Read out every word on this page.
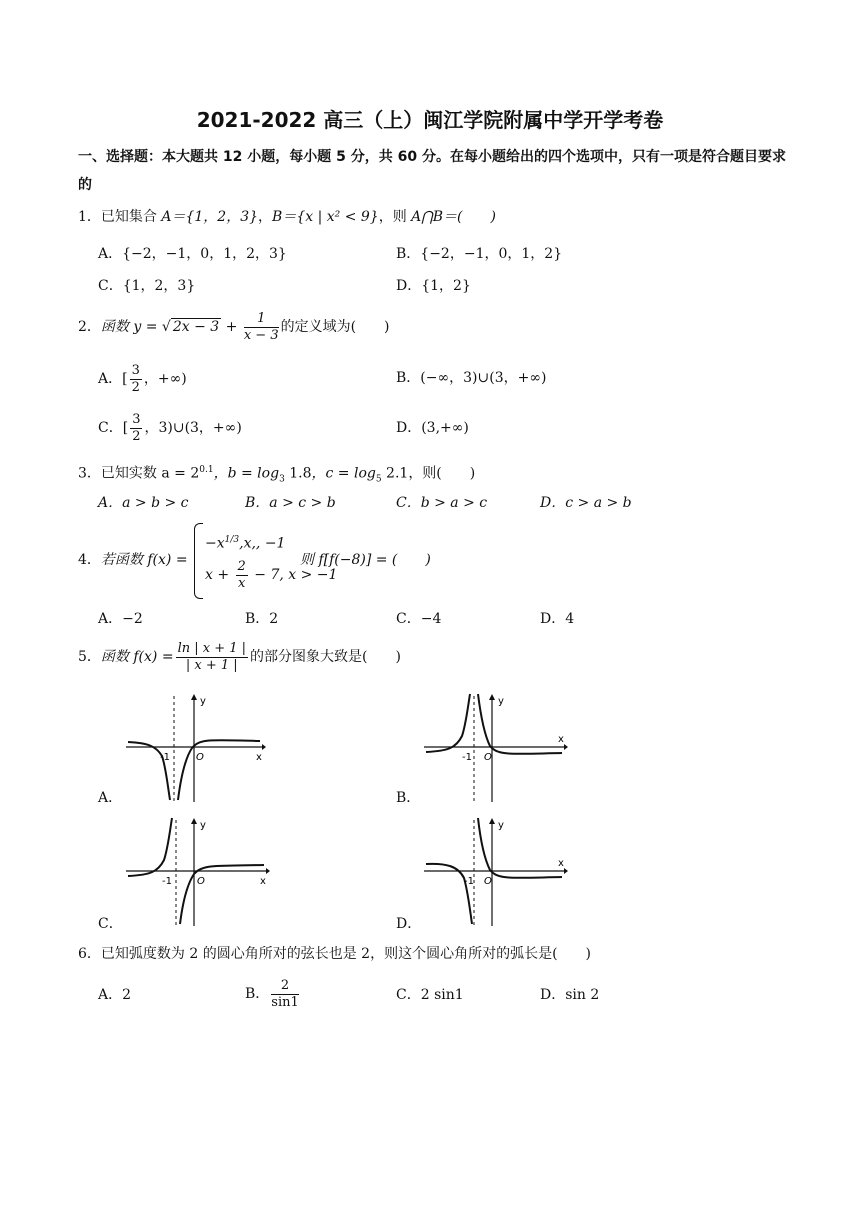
2021-2022 高三（上）闽江学院附属中学开学考卷
一、选择题：本大题共 12 小题，每小题 5 分，共 60 分。在每小题给出的四个选项中，只有一项是符合题目要求的
1．已知集合 A＝{1，2，3}，B＝{x | x² < 9}，则 A⋂B＝(　　)
A．{−2，−1，0，1，2，3}	B．{−2，−1，0，1，2}
C．{1，2，3}	D．{1，2}
2．函数 y = √ $2x - 3 + \frac{1}{x - 3}$ 的定义域为(　　)
A．[ $\frac{3}{2}$ ，+∞)	B．(−∞，3)∪(3，+∞)
C．[ $\frac{3}{2}$ ，3)∪(3，+∞)	D．(3,+∞)
3．已知实数 $a = 2^{0.1}$，$b = \log_3 1.8$，$c = \log_5 2.1$，则(　　)
A．a > b > c	B．a > c > b	C．b > a > c	D．c > a > b
4．若函数 f(x) =
$-x^{1/3},x$,, −1
$x + \frac{2}{x} - 7$, x > −1
则 f[f(−8)] = (　　)
A．−2	B．2	C．−4	D．4
5．函数 $f(x) = \frac{\ln | x + 1 |}{| x + 1 |}$ 的部分图象大致是(　　)
A．	B．
C．	D．
y
x
O
-1
y
x
O
-1
y
x
O
-1
y
x
O
-1
6．已知弧度数为 2 的圆心角所对的弦长也是 2，则这个圆心角所对的弧长是(　　)
A．2	B． $\frac{2}{\sin 1}$	C．2 sin1	D．sin 2
